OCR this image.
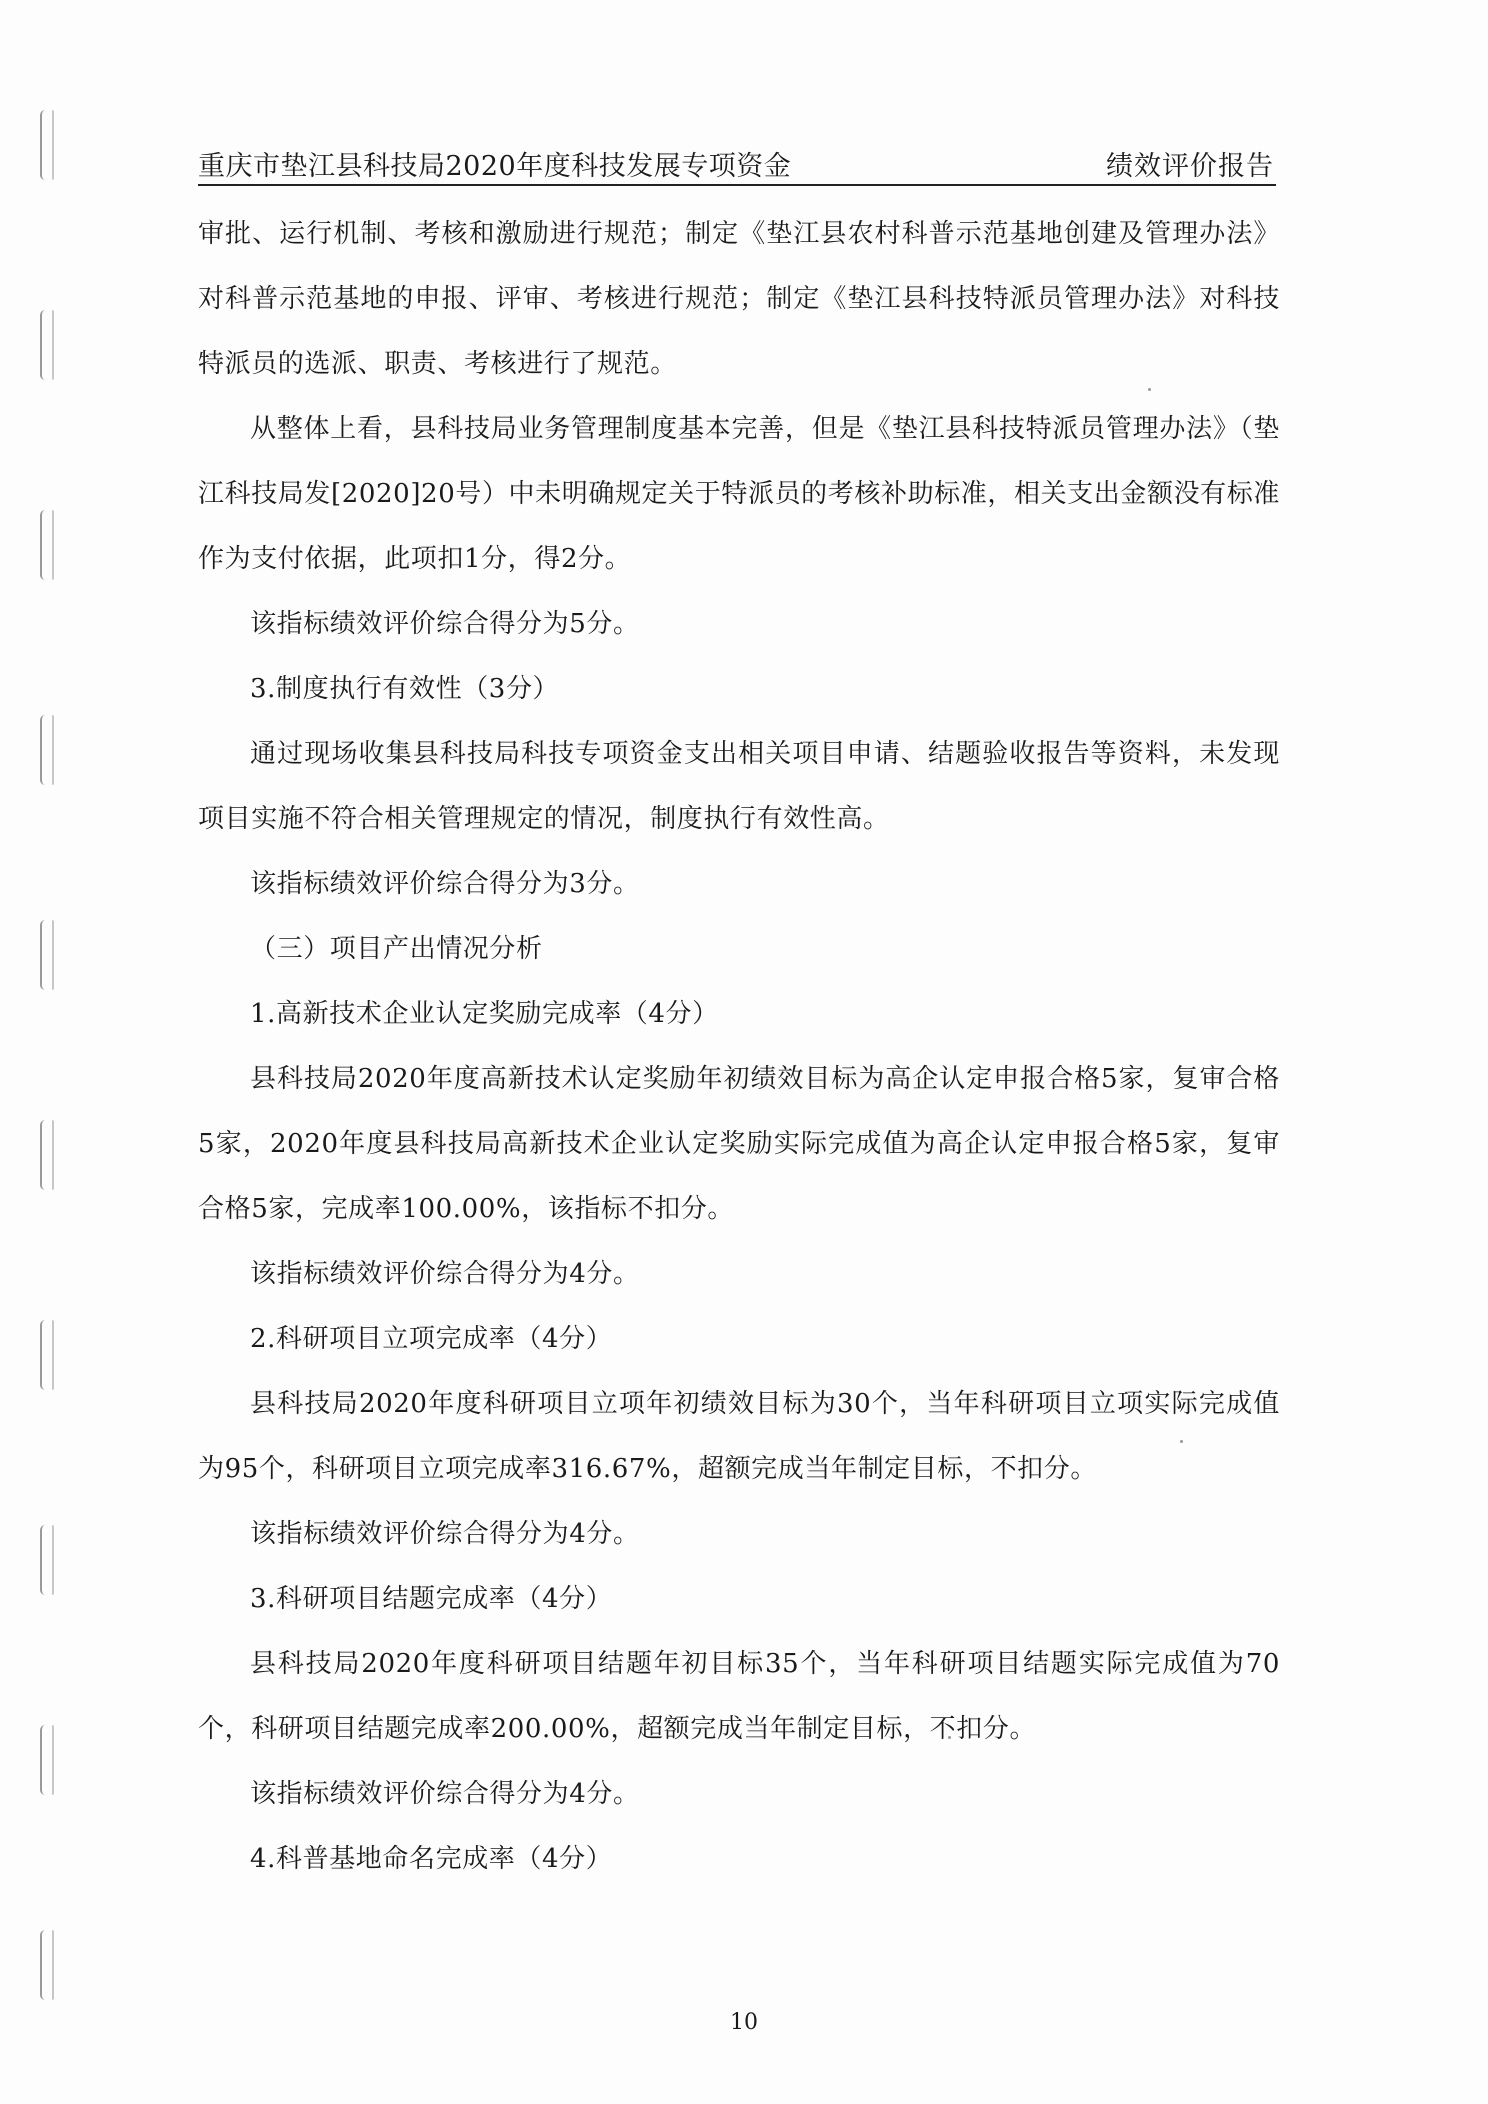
重庆市垫江县科技局2020年度科技发展专项资金	绩效评价报告

审批、运行机制、考核和激励进行规范；制定《垫江县农村科普示范基地创建及管理办法》对科普示范基地的申报、评审、考核进行规范；制定《垫江县科技特派员管理办法》对科技特派员的选派、职责、考核进行了规范。

从整体上看，县科技局业务管理制度基本完善，但是《垫江县科技特派员管理办法》（垫江科技局发[2020]20号）中未明确规定关于特派员的考核补助标准，相关支出金额没有标准作为支付依据，此项扣1分，得2分。

该指标绩效评价综合得分为5分。

3.制度执行有效性（3分）

通过现场收集县科技局科技专项资金支出相关项目申请、结题验收报告等资料，未发现项目实施不符合相关管理规定的情况，制度执行有效性高。

该指标绩效评价综合得分为3分。

（三）项目产出情况分析

1.高新技术企业认定奖励完成率（4分）

县科技局2020年度高新技术认定奖励年初绩效目标为高企认定申报合格5家，复审合格5家，2020年度县科技局高新技术企业认定奖励实际完成值为高企认定申报合格5家，复审合格5家，完成率100.00%，该指标不扣分。

该指标绩效评价综合得分为4分。

2.科研项目立项完成率（4分）

县科技局2020年度科研项目立项年初绩效目标为30个，当年科研项目立项实际完成值为95个，科研项目立项完成率316.67%，超额完成当年制定目标，不扣分。

该指标绩效评价综合得分为4分。

3.科研项目结题完成率（4分）

县科技局2020年度科研项目结题年初目标35个，当年科研项目结题实际完成值为70个，科研项目结题完成率200.00%，超额完成当年制定目标，不扣分。

该指标绩效评价综合得分为4分。

4.科普基地命名完成率（4分）

10
